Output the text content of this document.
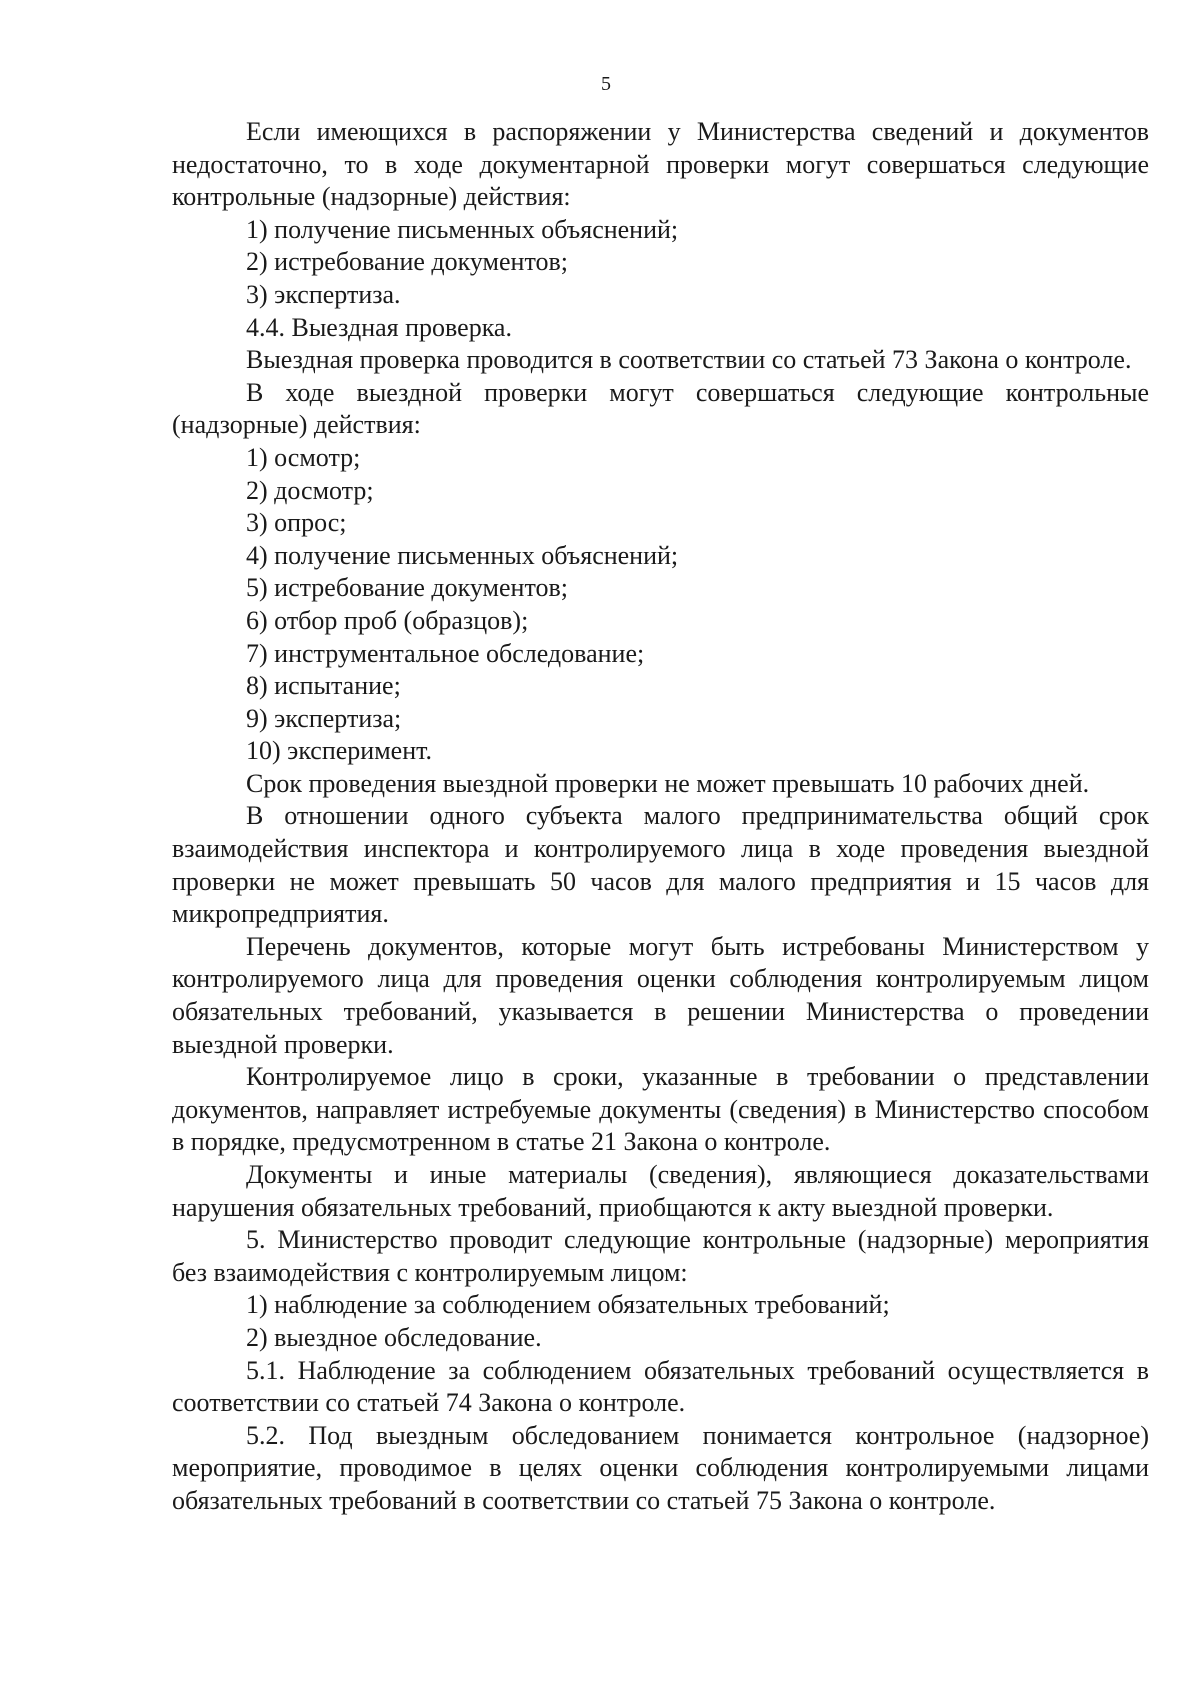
5

Если имеющихся в распоряжении у Министерства сведений и документов недостаточно, то в ходе документарной проверки могут совершаться следующие контрольные (надзорные) действия:

1) получение письменных объяснений;

2) истребование документов;

3) экспертиза.

4.4. Выездная проверка.

Выездная проверка проводится в соответствии со статьей 73 Закона о контроле.

В ходе выездной проверки могут совершаться следующие контрольные (надзорные) действия:

1) осмотр;

2) досмотр;

3) опрос;

4) получение письменных объяснений;

5) истребование документов;

6) отбор проб (образцов);

7) инструментальное обследование;

8) испытание;

9) экспертиза;

10) эксперимент.

Срок проведения выездной проверки не может превышать 10 рабочих дней.

В отношении одного субъекта малого предпринимательства общий срок взаимодействия инспектора и контролируемого лица в ходе проведения выездной проверки не может превышать 50 часов для малого предприятия и 15 часов для микропредприятия.

Перечень документов, которые могут быть истребованы Министерством у контролируемого лица для проведения оценки соблюдения контролируемым лицом обязательных требований, указывается в решении Министерства о проведении выездной проверки.

Контролируемое лицо в сроки, указанные в требовании о представлении документов, направляет истребуемые документы (сведения) в Министерство способом в порядке, предусмотренном в статье 21 Закона о контроле.

Документы и иные материалы (сведения), являющиеся доказательствами нарушения обязательных требований, приобщаются к акту выездной проверки.

5. Министерство проводит следующие контрольные (надзорные) мероприятия без взаимодействия с контролируемым лицом:

1) наблюдение за соблюдением обязательных требований;

2) выездное обследование.

5.1. Наблюдение за соблюдением обязательных требований осуществляется в соответствии со статьей 74 Закона о контроле.

5.2. Под выездным обследованием понимается контрольное (надзорное) мероприятие, проводимое в целях оценки соблюдения контролируемыми лицами обязательных требований в соответствии со статьей 75 Закона о контроле.
